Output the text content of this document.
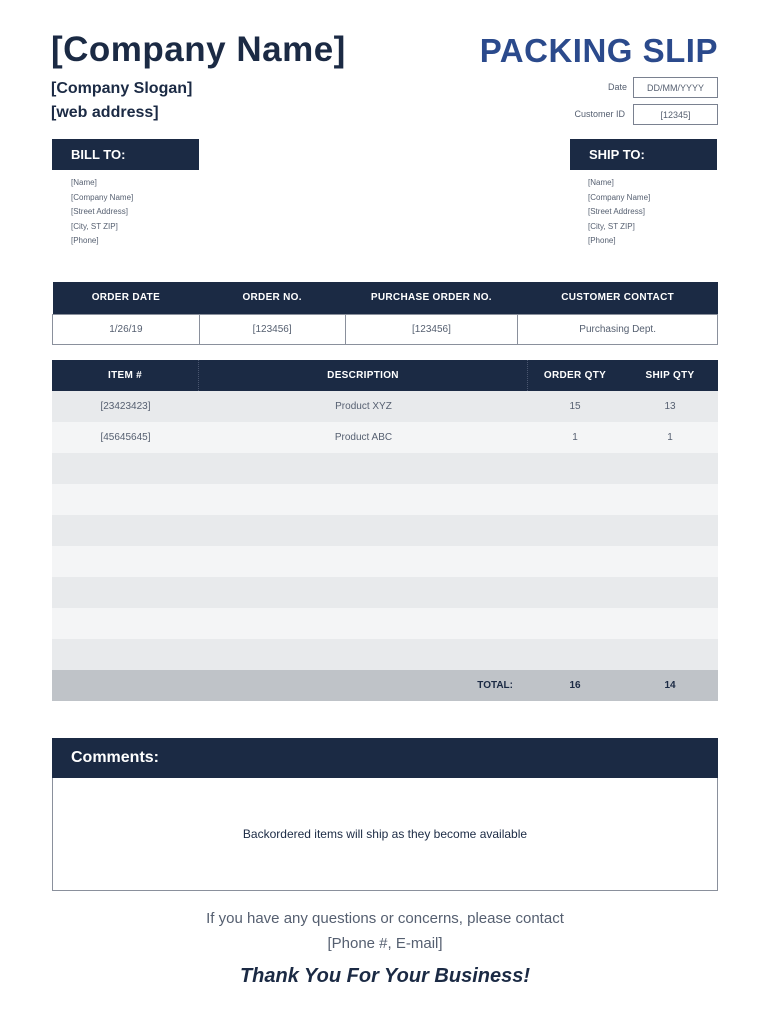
[Company Name]
[Company Slogan]
[web address]
PACKING SLIP
Date	DD/MM/YYYY
Customer ID	[12345]
BILL TO:
[Name]
[Company Name]
[Street Address]
[City, ST ZIP]
[Phone]
SHIP TO:
[Name]
[Company Name]
[Street Address]
[City, ST ZIP]
[Phone]
ORDER DATE	ORDER NO.	PURCHASE ORDER NO.	CUSTOMER CONTACT
1/26/19	[123456]	[123456]	Purchasing Dept.
ITEM #	DESCRIPTION	ORDER QTY	SHIP QTY
[23423423]	Product XYZ	15	13
[45645645]	Product ABC	1	1
TOTAL:	16	14
Comments:
Backordered items will ship as they become available
If you have any questions or concerns, please contact
[Phone #, E-mail]
Thank You For Your Business!
